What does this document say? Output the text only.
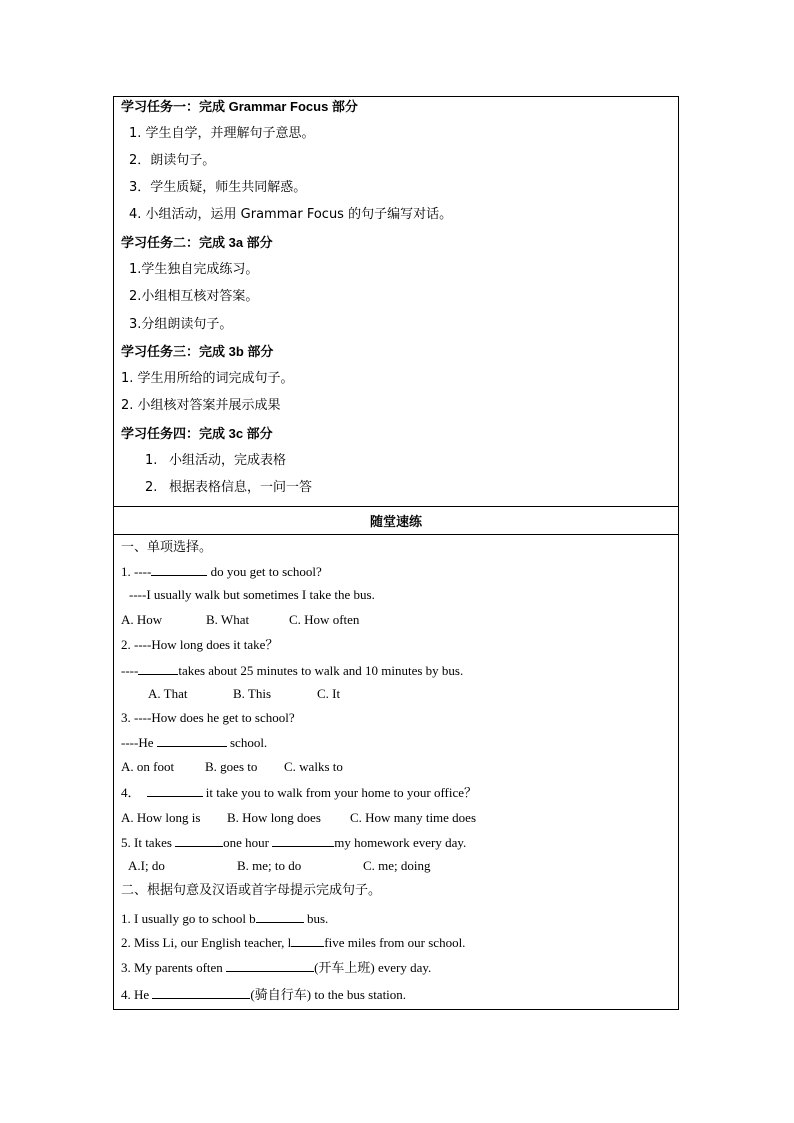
学习任务一：完成 Grammar Focus 部分
1. 学生自学，并理解句子意思。
2．朗读句子。
3．学生质疑，师生共同解惑。
4. 小组活动，运用 Grammar Focus 的句子编写对话。
学习任务二：完成 3a 部分
1.学生独自完成练习。
2.小组相互核对答案。
3.分组朗读句子。
学习任务三：完成 3b 部分
1. 学生用所给的词完成句子。
2. 小组核对答案并展示成果
学习任务四：完成 3c 部分
1. 小组活动，完成表格
2. 根据表格信息，一问一答
随堂速练
一、单项选择。
1. ----	do you get to school?
----I usually walk but sometimes I take the bus.
A. How	B. What	C. How often
2. ----How long does it take？
----	takes about 25 minutes to walk and 10 minutes by bus.
A. That	B. This	C. It
3. ----How does he get to school?
----He	school.
A. on foot B. goes to C. walks to
4．	it take you to walk from your home to your office？
A. How long is B. How long does C. How many time does
5. It takes	one hour	my homework every day.
A.I; do	B. me; to do	C. me; doing
二、根据句意及汉语或首字母提示完成句子。
1. I usually go to school b	bus.
2. Miss Li, our English teacher, l	five miles from our school.
3. My parents often	(开车上班) every day.
4. He	(骑自行车) to the bus station.
